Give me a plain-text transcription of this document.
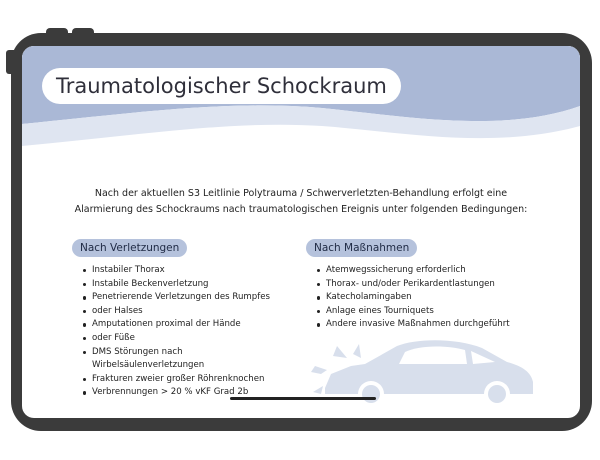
Traumatologischer Schockraum
Nach der aktuellen S3 Leitlinie Polytrauma / Schwerverletzten-Behandlung erfolgt eine
Alarmierung des Schockraums nach traumatologischen Ereignis unter folgenden Bedingungen:
Nach Verletzungen
Instabiler Thorax
Instabile Beckenverletzung
Penetrierende Verletzungen des Rumpfes
oder Halses
Amputationen proximal der Hände
oder Füße
DMS Störungen nach Wirbelsäulenverletzungen
Frakturen zweier großer Röhrenknochen
Verbrennungen > 20 % vKF Grad 2b
Nach Maßnahmen
Atemwegssicherung erforderlich
Thorax- und/oder Perikardentlastungen
Katecholamingaben
Anlage eines Tourniquets
Andere invasive Maßnahmen durchgeführt
